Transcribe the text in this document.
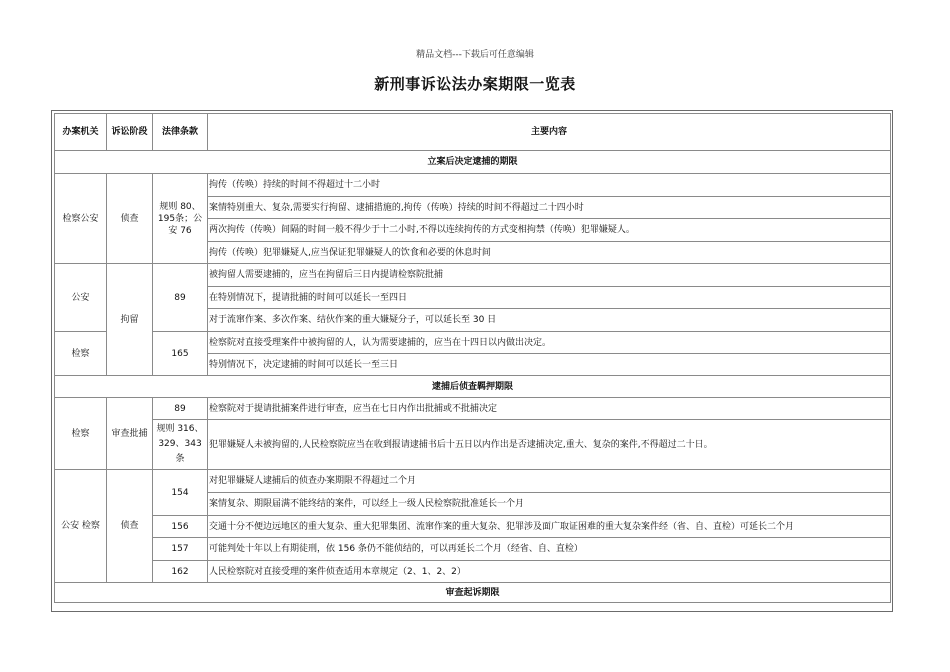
精品文档---下载后可任意编辑
新刑事诉讼法办案期限一览表
办案机关	诉讼阶段	法律条款	主要内容
立案后决定逮捕的期限			
检察公安	侦查	规则 80、195条；公安 76	拘传（传唤）持续的时间不得超过十二小时
			案情特别重大、复杂,需要实行拘留、逮捕措施的,拘传（传唤）持续的时间不得超过二十四小时
			两次拘传（传唤）间隔的时间一般不得少于十二小时,不得以连续拘传的方式变相拘禁（传唤）犯罪嫌疑人。
			拘传（传唤）犯罪嫌疑人,应当保证犯罪嫌疑人的饮食和必要的休息时间
公安	拘留	89	被拘留人需要逮捕的，应当在拘留后三日内提请检察院批捕
			在特别情况下，提请批捕的时间可以延长一至四日
			对于流窜作案、多次作案、结伙作案的重大嫌疑分子，可以延长至 30 日
检察		165	检察院对直接受理案件中被拘留的人，认为需要逮捕的，应当在十四日以内做出决定。
			特别情况下，决定逮捕的时间可以延长一至三日
逮捕后侦查羁押期限			
检察	审查批捕	89	检察院对于提请批捕案件进行审查，应当在七日内作出批捕或不批捕决定
		规则 316、329、343 条	犯罪嫌疑人未被拘留的,人民检察院应当在收到报请逮捕书后十五日以内作出是否逮捕决定,重大、复杂的案件,不得超过二十日。
公安 检察	侦查	154	对犯罪嫌疑人逮捕后的侦查办案期限不得超过二个月
			案情复杂、期限届满不能终结的案件，可以经上一级人民检察院批准延长一个月
		156	交通十分不便边远地区的重大复杂、重大犯罪集团、流窜作案的重大复杂、犯罪涉及面广取证困难的重大复杂案件经（省、自、直检）可延长二个月
		157	可能判处十年以上有期徒刑，依 156 条仍不能侦结的，可以再延长二个月（经省、自、直检）
		162	人民检察院对直接受理的案件侦查适用本章规定（2、1、2、2）
审查起诉期限			
